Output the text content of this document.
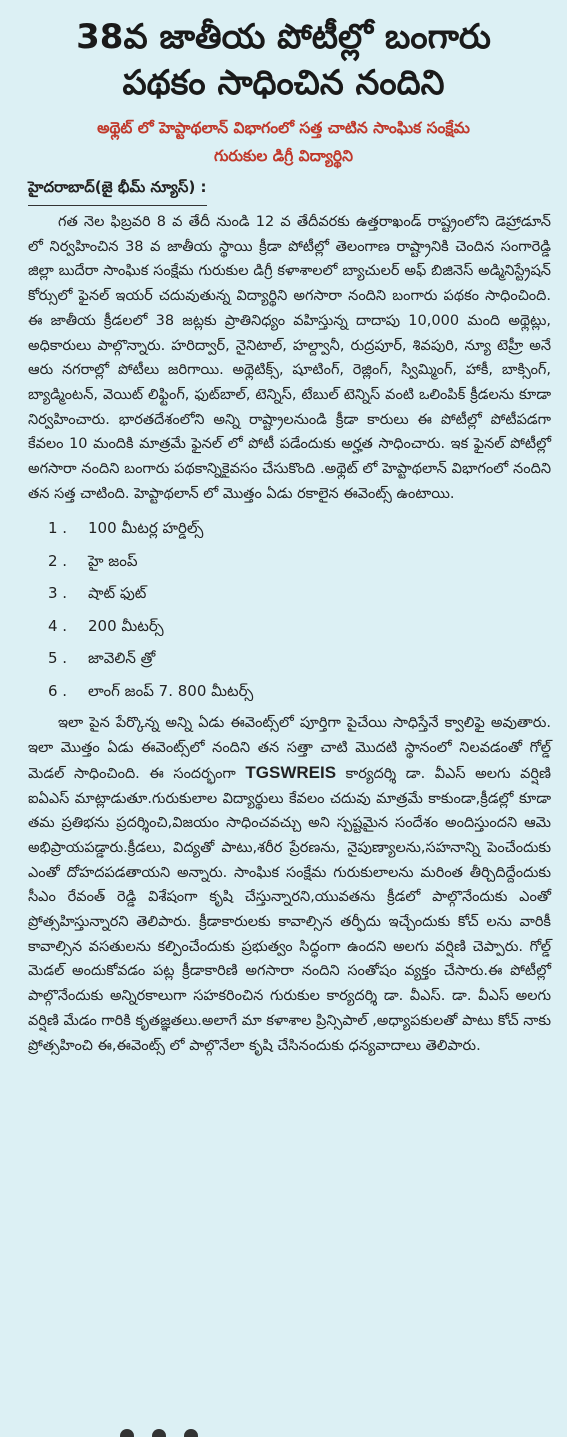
38వ జాతీయ పోటీల్లో బంగారు
పథకం సాధించిన నందిని
అథ్లెట్ లో హెప్టాథలాన్ విభాగంలో సత్త చాటిన సాంఘిక సంక్షేమ
గురుకుల డిగ్రీ విద్యార్థిని
హైదరాబాద్(జై భీమ్ న్యూస్) :

గత నెల ఫిబ్రవరి 8 వ తేదీ నుండి 12 వ తేదీవరకు ఉత్తరాఖండ్ రాష్ట్రంలోని డెహ్రాడూన్ లో నిర్వహించిన 38 వ జాతీయ స్థాయి క్రీడా పోటీల్లో తెలంగాణ రాష్ట్రానికి చెందిన సంగారెడ్డి జిల్లా బుదేరా సాంఘిక సంక్షేమ గురుకుల డిగ్రీ కళాశాలలో బ్యాచులర్ అఫ్ బిజినెస్ అడ్మినిస్ట్రేషన్ కోర్సులో ఫైనల్ ఇయర్ చదువుతున్న విద్యార్థిని అగసారా నందిని బంగారు పథకం సాధించింది. ఈ జాతీయ క్రీడలలో 38 జట్లకు ప్రాతినిధ్యం వహిస్తున్న దాదాపు 10,000 మంది అథ్లెట్లు, అధికారులు పాల్గొన్నారు. హరిద్వార్, నైనిటాల్, హల్ద్వానీ, రుద్రపూర్, శివపురి, న్యూ టెహ్రీ అనే ఆరు నగరాల్లో పోటీలు జరిగాయి. అథ్లెటిక్స్, షూటింగ్, రెజ్లింగ్, స్విమ్మింగ్, హాకీ, బాక్సింగ్, బ్యాడ్మింటన్, వెయిట్ లిఫ్టింగ్, ఫుట్‌బాల్, టెన్నిస్, టేబుల్ టెన్నిస్ వంటి ఒలింపిక్ క్రీడలను కూడా నిర్వహించారు. భారతదేశంలోని అన్ని రాష్ట్రాలనుండి క్రీడా కారులు ఈ పోటీల్లో పోటీపడగా కేవలం 10 మందికి మాత్రమే ఫైనల్ లో పోటీ పడేందుకు అర్హత సాధించారు. ఇక ఫైనల్ పోటీల్లో అగసారా నందిని బంగారు పథకాన్నికైవసం చేసుకొంది .అథ్లెట్ లో హెప్టాథలాన్ విభాగంలో నందిని తన సత్త చాటింది. హెప్టాథలాన్ లో మొత్తం ఏడు రకాలైన ఈవెంట్స్ ఉంటాయి.

1 . 100 మీటర్ల హర్డిల్స్
2 . హై జంప్
3 . షాట్ ఫుట్
4 . 200 మీటర్స్
5 . జావెలిన్ త్రో
6 . లాంగ్ జంప్ 7. 800 మీటర్స్

ఇలా పైన పేర్కొన్న అన్ని ఏడు ఈవెంట్స్‌లో పూర్తిగా పైచేయి సాధిస్తేనే క్వాలిఫై అవుతారు. ఇలా మొత్తం ఏడు ఈవెంట్స్‌లో నందిని తన సత్తా చాటి మొదటి స్థానంలో నిలవడంతో గోల్డ్ మెడల్ సాధించింది. ఈ సందర్భంగా TGSWREIS కార్యదర్శి డా. వీఎస్ అలగు వర్షిణి ఐఏఎస్ మాట్లాడుతూ.గురుకులాల విద్యార్థులు కేవలం చదువు మాత్రమే కాకుండా,క్రీడల్లో కూడా తమ ప్రతిభను ప్రదర్శించి,విజయం సాధించవచ్చు అని స్పష్టమైన సందేశం అందిస్తుందని ఆమె అభిప్రాయపడ్డారు.క్రీడలు, విద్యతో పాటు,శరీర ప్రేరణను, నైపుణ్యాలను,సహనాన్ని పెంచేందుకు ఎంతో దోహదపడతాయని అన్నారు. సాంఘిక సంక్షేమ గురుకులాలను మరింత తీర్చిదిద్దేందుకు సీఎం రేవంత్ రెడ్డి విశేషంగా కృషి చేస్తున్నారని,యువతను క్రీడలో పాల్గొనేందుకు ఎంతో ప్రోత్సహిస్తున్నారని తెలిపారు. క్రీడాకారులకు కావాల్సిన తర్ఫీదు ఇచ్చేందుకు కోచ్ లను వారికీ కావాల్సిన వసతులను కల్పించేందుకు ప్రభుత్వం సిద్ధంగా ఉందని అలగు వర్షిణి చెప్పారు. గోల్డ్ మెడల్ అందుకోవడం పట్ల క్రీడాకారిణి అగసారా నందిని సంతోషం వ్యక్తం చేసారు.ఈ పోటీల్లో పాల్గొనేందుకు అన్నిరకాలుగా సహకరించిన గురుకుల కార్యదర్శి డా. వీఎస్. డా. వీఎస్ అలగు వర్షిణి మేడం గారికి కృతజ్ఞతలు.అలాగే మా కళాశాల ప్రిన్సిపాల్ ,అధ్యాపకులతో పాటు కోచ్ నాకు ప్రోత్సహించి ఈ,ఈవెంట్స్ లో పాల్గొనేలా కృషి చేసినందుకు ధన్యవాదాలు తెలిపారు.
